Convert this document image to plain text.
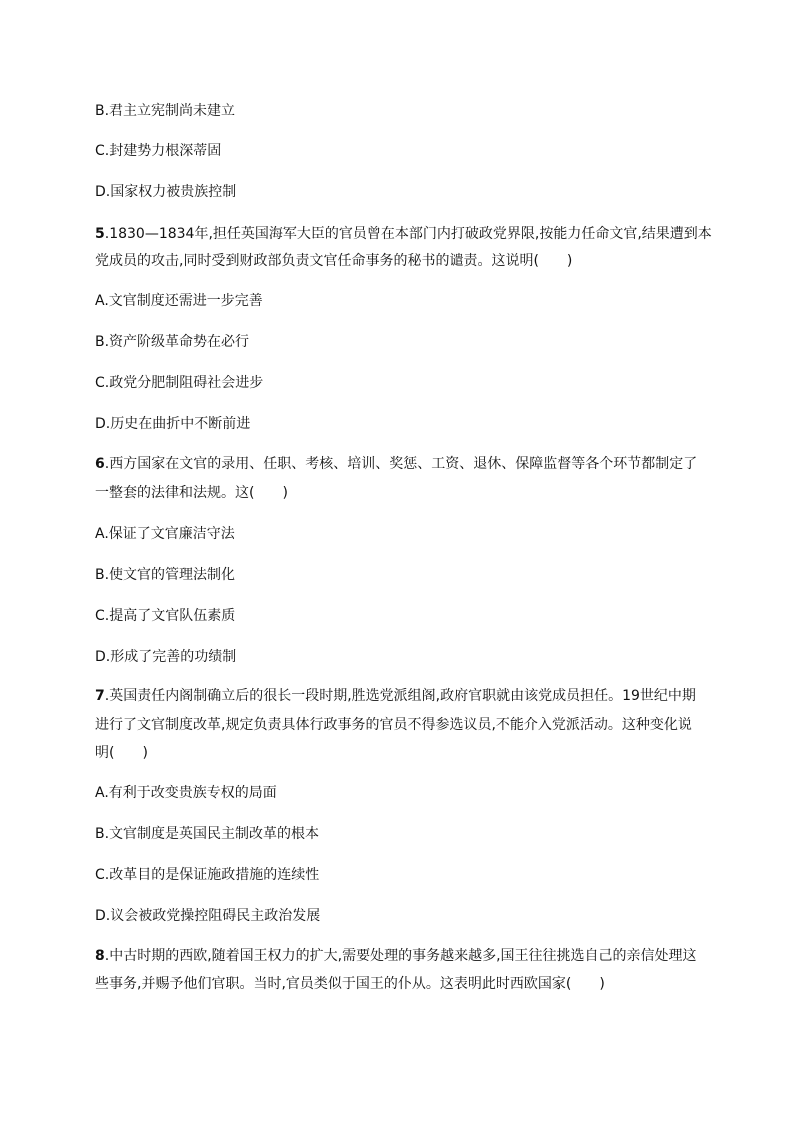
B.君主立宪制尚未建立
C.封建势力根深蒂固
D.国家权力被贵族控制
5.1830—1834年,担任英国海军大臣的官员曾在本部门内打破政党界限,按能力任命文官,结果遭到本
党成员的攻击,同时受到财政部负责文官任命事务的秘书的谴责。这说明(　　)
A.文官制度还需进一步完善
B.资产阶级革命势在必行
C.政党分肥制阻碍社会进步
D.历史在曲折中不断前进
6.西方国家在文官的录用、任职、考核、培训、奖惩、工资、退休、保障监督等各个环节都制定了
一整套的法律和法规。这(　　)
A.保证了文官廉洁守法
B.使文官的管理法制化
C.提高了文官队伍素质
D.形成了完善的功绩制
7.英国责任内阁制确立后的很长一段时期,胜选党派组阁,政府官职就由该党成员担任。19世纪中期
进行了文官制度改革,规定负责具体行政事务的官员不得参选议员,不能介入党派活动。这种变化说
明(　　)
A.有利于改变贵族专权的局面
B.文官制度是英国民主制改革的根本
C.改革目的是保证施政措施的连续性
D.议会被政党操控阻碍民主政治发展
8.中古时期的西欧,随着国王权力的扩大,需要处理的事务越来越多,国王往往挑选自己的亲信处理这
些事务,并赐予他们官职。当时,官员类似于国王的仆从。这表明此时西欧国家(　　)
